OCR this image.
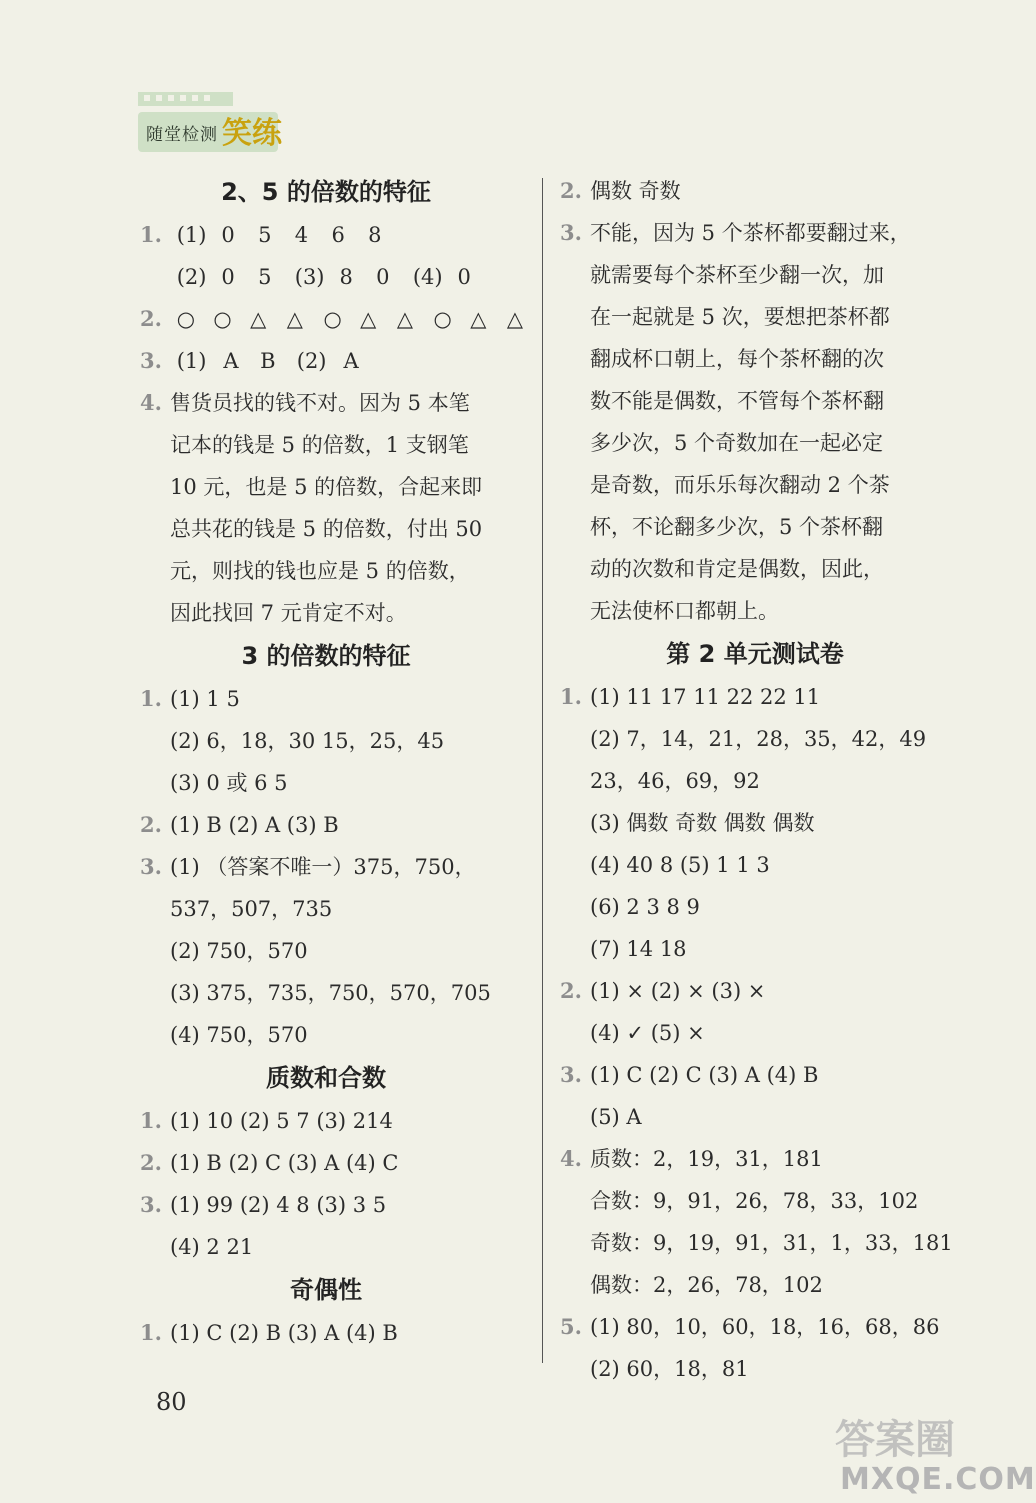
随堂检测 笑练
2、5 的倍数的特征
1. (1) 0 5 4 6 8
(2) 0 5 (3) 8 0 (4) 0
2. ○ ○ △ △ ○ △ △ ○ △ △
3. (1) A B (2) A
4. 售货员找的钱不对。因为 5 本笔
记本的钱是 5 的倍数，1 支钢笔
10 元，也是 5 的倍数，合起来即
总共花的钱是 5 的倍数，付出 50
元，则找的钱也应是 5 的倍数，
因此找回 7 元肯定不对。
3 的倍数的特征
1. (1) 1 5
(2) 6，18，30 15，25，45
(3) 0 或 6 5
2. (1) B (2) A (3) B
3. (1) （答案不唯一）375，750，
537，507，735
(2) 750，570
(3) 375，735，750，570，705
(4) 750，570
质数和合数
1. (1) 10 (2) 5 7 (3) 214
2. (1) B (2) C (3) A (4) C
3. (1) 99 (2) 4 8 (3) 3 5
(4) 2 21
奇偶性
1. (1) C (2) B (3) A (4) B
2. 偶数 奇数
3. 不能，因为 5 个茶杯都要翻过来，
就需要每个茶杯至少翻一次，加
在一起就是 5 次，要想把茶杯都
翻成杯口朝上，每个茶杯翻的次
数不能是偶数，不管每个茶杯翻
多少次，5 个奇数加在一起必定
是奇数，而乐乐每次翻动 2 个茶
杯，不论翻多少次，5 个茶杯翻
动的次数和肯定是偶数，因此，
无法使杯口都朝上。
第 2 单元测试卷
1. (1) 11 17 11 22 22 11
(2) 7，14，21，28，35，42，49
23，46，69，92
(3) 偶数 奇数 偶数 偶数
(4) 40 8 (5) 1 1 3
(6) 2 3 8 9
(7) 14 18
2. (1) × (2) × (3) ×
(4) ✓ (5) ×
3. (1) C (2) C (3) A (4) B
(5) A
4. 质数：2，19，31，181
合数：9，91，26，78，33，102
奇数：9，19，91，31，1，33，181
偶数：2，26，78，102
5. (1) 80，10，60，18，16，68，86
(2) 60，18，81
80
答案圈
MXQE.COM
